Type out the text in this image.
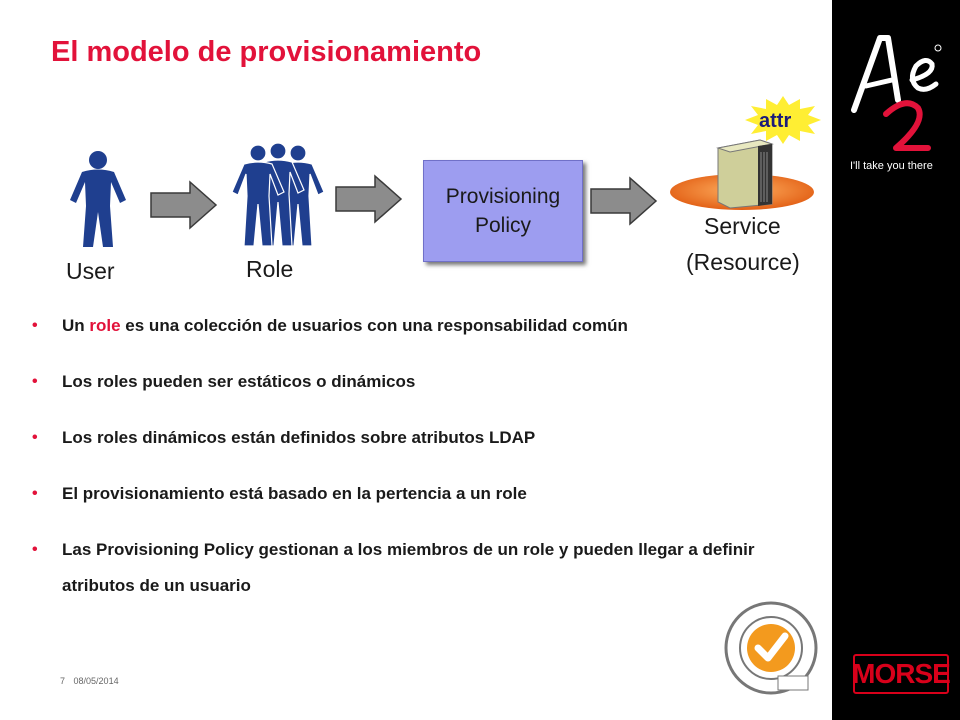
El modelo de provisionamiento
User	Role
Provisioning
Policy
attr
Service
(Resource)
• Un role es una colección de usuarios con una responsabilidad común
• Los roles pueden ser estáticos o dinámicos
• Los roles dinámicos están definidos sobre atributos LDAP
• El provisionamiento está basado en la pertencia a un role
• Las Provisioning Policy gestionan a los miembros de un role y pueden llegar a definir atributos de un usuario
7 08/05/2014
I'll take you there
MORSE
